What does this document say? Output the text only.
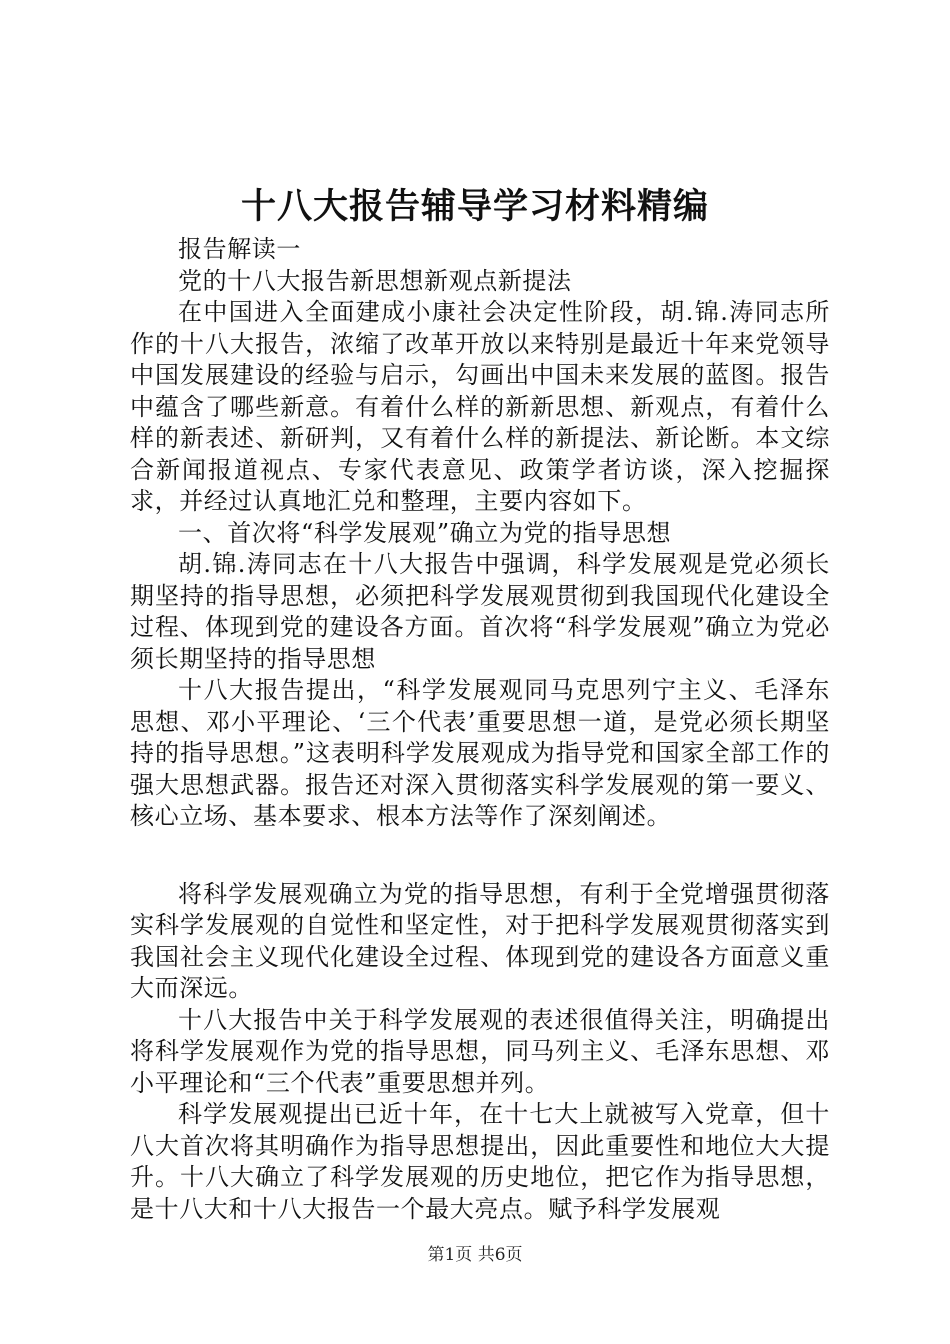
十八大报告辅导学习材料精编

报告解读一

党的十八大报告新思想新观点新提法

在中国进入全面建成小康社会决定性阶段，胡.锦.涛同志所作的十八大报告，浓缩了改革开放以来特别是最近十年来党领导中国发展建设的经验与启示，勾画出中国未来发展的蓝图。报告中蕴含了哪些新意。有着什么样的新新思想、新观点，有着什么样的新表述、新研判，又有着什么样的新提法、新论断。本文综合新闻报道视点、专家代表意见、政策学者访谈，深入挖掘探求，并经过认真地汇兑和整理，主要内容如下。

一、首次将“科学发展观”确立为党的指导思想

胡.锦.涛同志在十八大报告中强调，科学发展观是党必须长期坚持的指导思想，必须把科学发展观贯彻到我国现代化建设全过程、体现到党的建设各方面。首次将“科学发展观”确立为党必须长期坚持的指导思想

十八大报告提出，“科学发展观同马克思列宁主义、毛泽东思想、邓小平理论、‘三个代表’重要思想一道，是党必须长期坚持的指导思想。”这表明科学发展观成为指导党和国家全部工作的强大思想武器。报告还对深入贯彻落实科学发展观的第一要义、核心立场、基本要求、根本方法等作了深刻阐述。

将科学发展观确立为党的指导思想，有利于全党增强贯彻落实科学发展观的自觉性和坚定性，对于把科学发展观贯彻落实到我国社会主义现代化建设全过程、体现到党的建设各方面意义重大而深远。

十八大报告中关于科学发展观的表述很值得关注，明确提出将科学发展观作为党的指导思想，同马列主义、毛泽东思想、邓小平理论和“三个代表”重要思想并列。

科学发展观提出已近十年，在十七大上就被写入党章，但十八大首次将其明确作为指导思想提出，因此重要性和地位大大提升。十八大确立了科学发展观的历史地位，把它作为指导思想，是十八大和十八大报告一个最大亮点。赋予科学发展观

第1页 共6页
